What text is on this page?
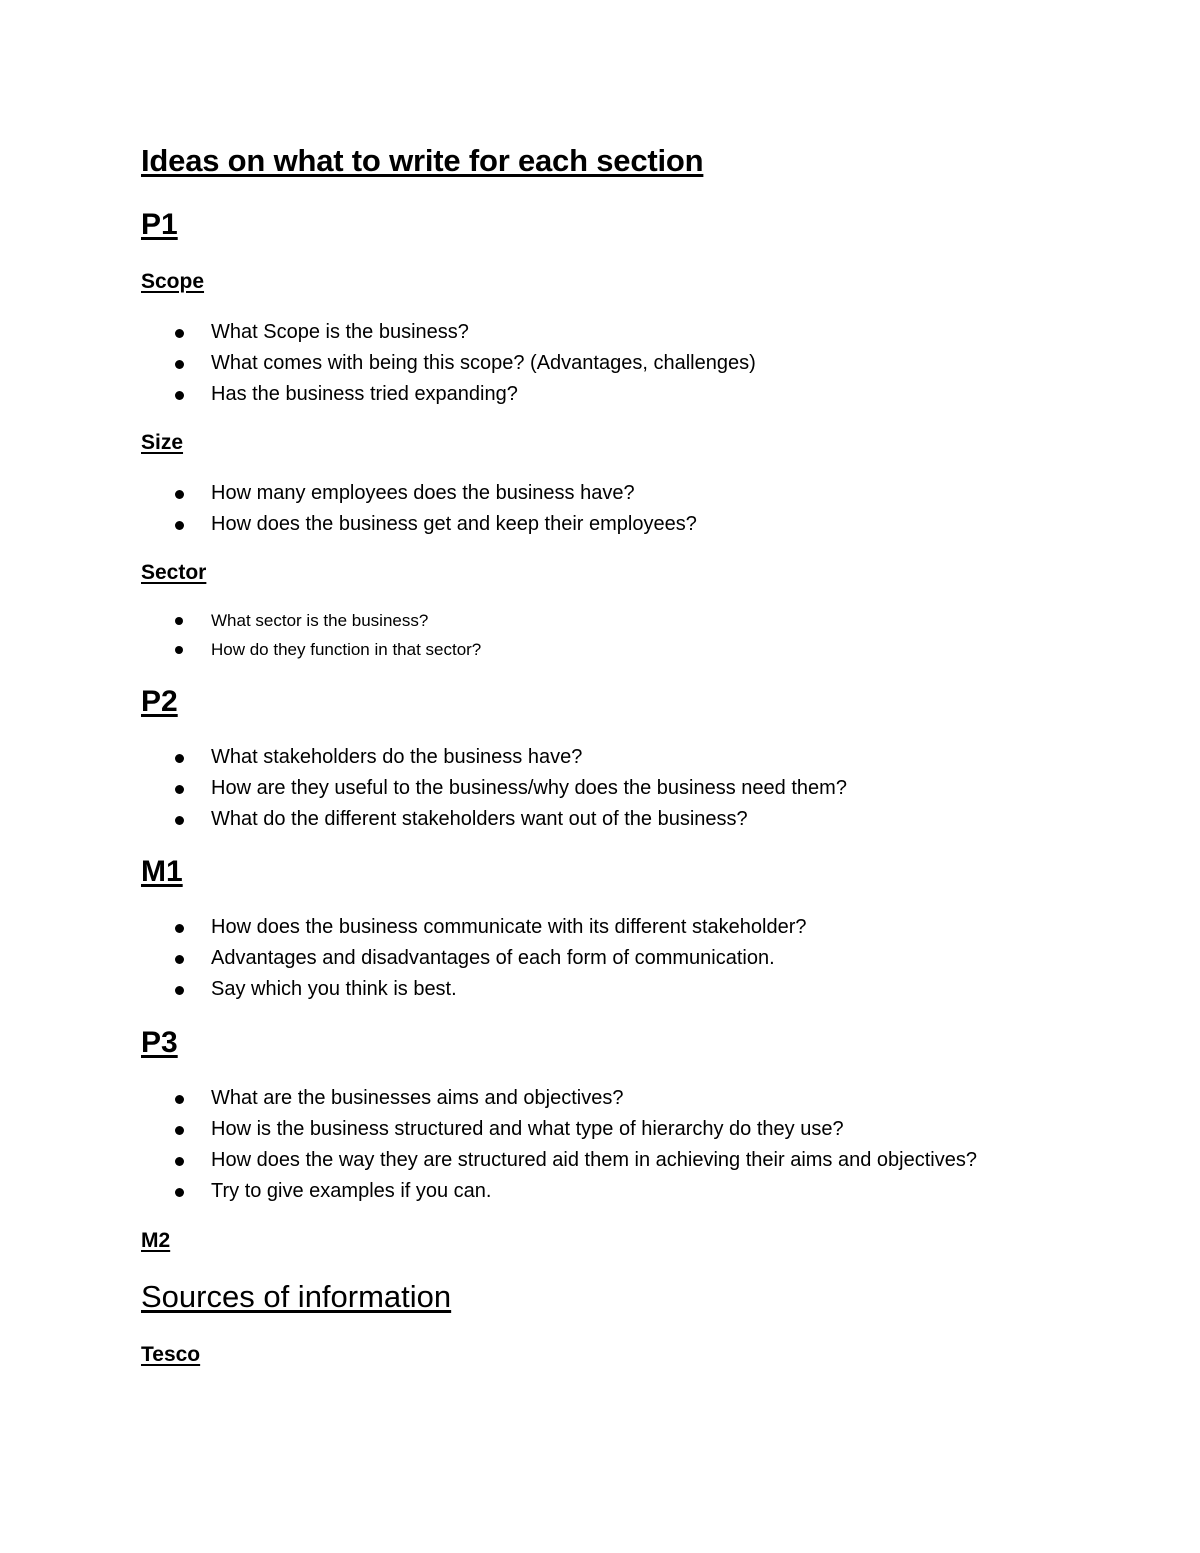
Ideas on what to write for each section
P1
Scope
What Scope is the business?
What comes with being this scope? (Advantages, challenges)
Has the business tried expanding?
Size
How many employees does the business have?
How does the business get and keep their employees?
Sector
What sector is the business?
How do they function in that sector?
P2
What stakeholders do the business have?
How are they useful to the business/why does the business need them?
What do the different stakeholders want out of the business?
M1
How does the business communicate with its different stakeholder?
Advantages and disadvantages of each form of communication.
Say which you think is best.
P3
What are the businesses aims and objectives?
How is the business structured and what type of hierarchy do they use?
How does the way they are structured aid them in achieving their aims and objectives?
Try to give examples if you can.
M2
Sources of information
Tesco
